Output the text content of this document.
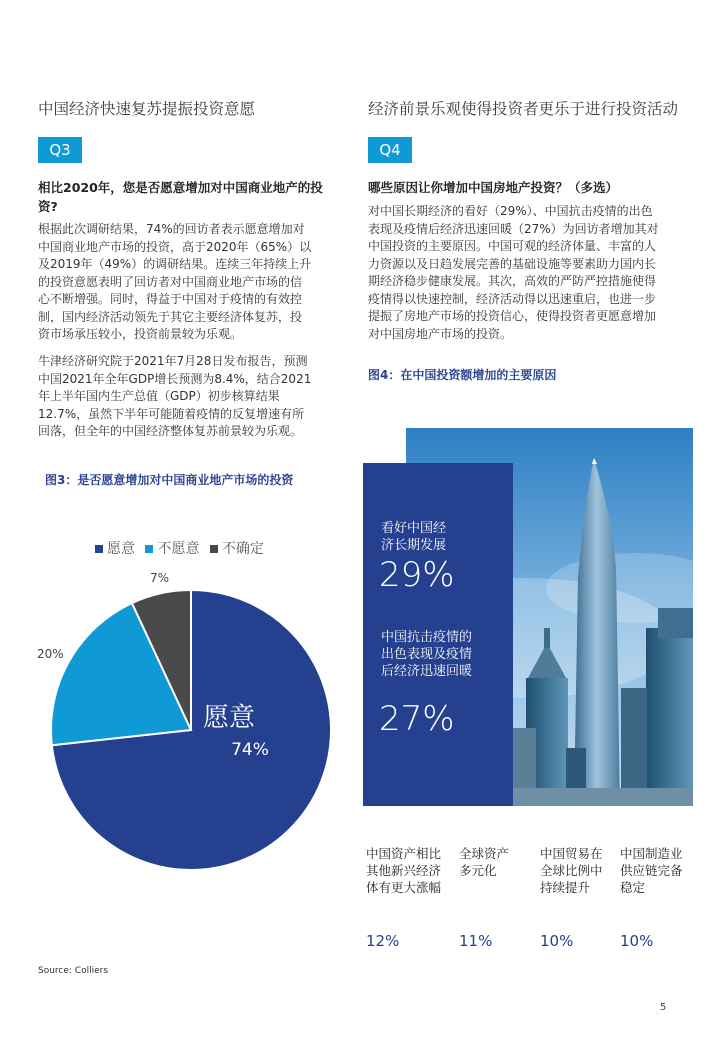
中国经济快速复苏提振投资意愿
Q3
相比2020年，您是否愿意增加对中国商业地产的投
资?
根据此次调研结果，74%的回访者表示愿意增加对
中国商业地产市场的投资，高于2020年（65%）以
及2019年（49%）的调研结果。连续三年持续上升
的投资意愿表明了回访者对中国商业地产市场的信
心不断增强。同时，得益于中国对于疫情的有效控
制，国内经济活动领先于其它主要经济体复苏，投
资市场承压较小，投资前景较为乐观。
牛津经济研究院于2021年7月28日发布报告，预测
中国2021年全年GDP增长预测为8.4%，结合2021
年上半年国内生产总值（GDP）初步核算结果
12.7%，虽然下半年可能随着疫情的反复增速有所
回落，但全年的中国经济整体复苏前景较为乐观。
图3：是否愿意增加对中国商业地产市场的投资
愿意 不愿意 不确定
愿意
74%
20%
7%
经济前景乐观使得投资者更乐于进行投资活动
Q4
哪些原因让你增加中国房地产投资？（多选）
对中国长期经济的看好（29%）、中国抗击疫情的出色
表现及疫情后经济迅速回暖（27%）为回访者增加其对
中国投资的主要原因。中国可观的经济体量、丰富的人
力资源以及日趋发展完善的基础设施等要素助力国内长
期经济稳步健康发展。其次，高效的严防严控措施使得
疫情得以快速控制，经济活动得以迅速重启，也进一步
提振了房地产市场的投资信心，使得投资者更愿意增加
对中国房地产市场的投资。
图4：在中国投资额增加的主要原因
看好中国经
济长期发展
29%
中国抗击疫情的
出色表现及疫情
后经济迅速回暖
27%
中国资产相比
其他新兴经济
体有更大涨幅
全球资产
多元化
中国贸易在
全球比例中
持续提升
中国制造业
供应链完备
稳定
12%	11%	10%	10%
Source: Colliers
5
